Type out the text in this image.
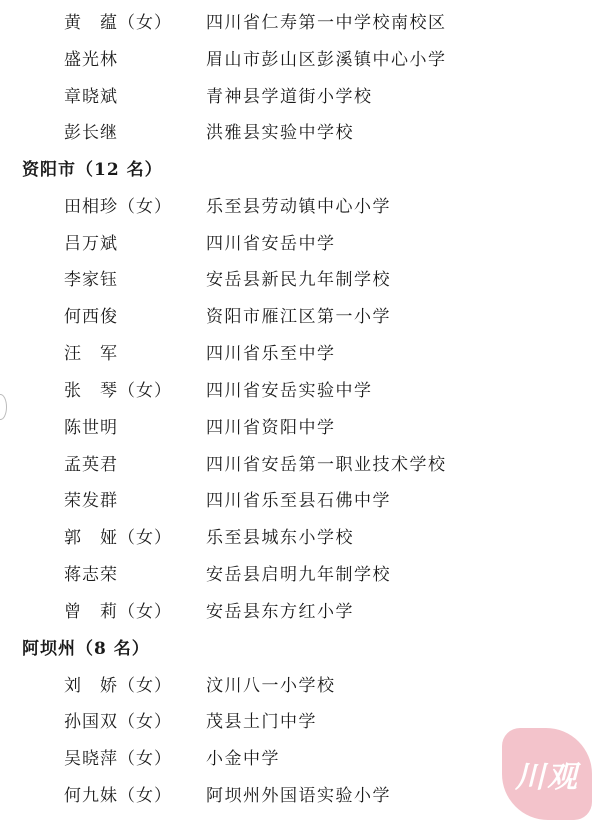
黄　蕴（女） 四川省仁寿第一中学校南校区
盛光林	眉山市彭山区彭溪镇中心小学
章晓斌	青神县学道街小学校
彭长继	洪雅县实验中学校
资阳市（12 名）
田相珍（女） 乐至县劳动镇中心小学
吕万斌	四川省安岳中学
李家钰	安岳县新民九年制学校
何西俊	资阳市雁江区第一小学
汪　军	四川省乐至中学
张　琴（女） 四川省安岳实验中学
陈世明	四川省资阳中学
孟英君	四川省安岳第一职业技术学校
荣发群	四川省乐至县石佛中学
郭　娅（女） 乐至县城东小学校
蒋志荣	安岳县启明九年制学校
曾　莉（女） 安岳县东方红小学
阿坝州（8 名）
刘　娇（女） 汶川八一小学校
孙国双（女） 茂县土门中学
吴晓萍（女） 小金中学
何九妹（女） 阿坝州外国语实验小学
川观
